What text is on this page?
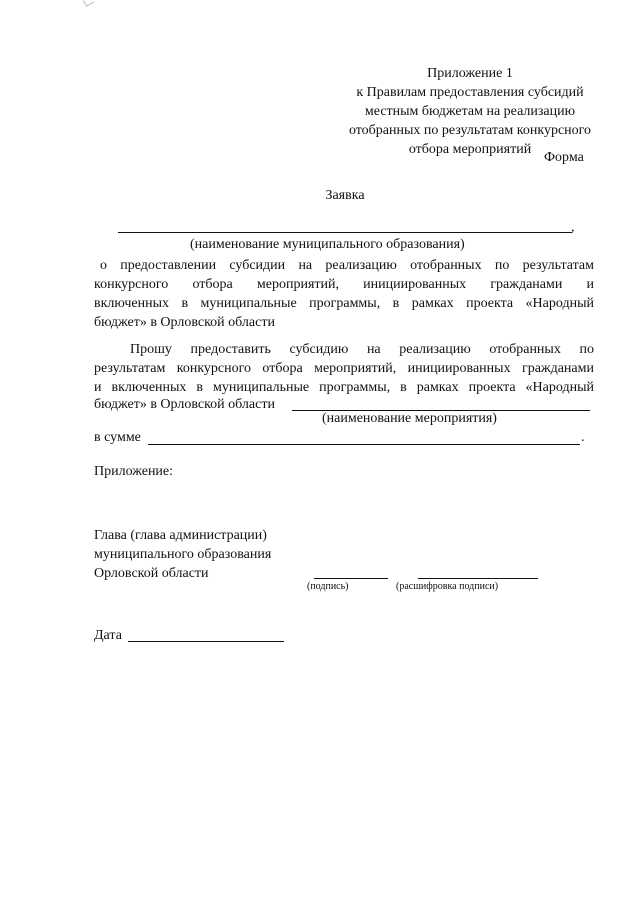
Приложение 1
к Правилам предоставления субсидий
местным бюджетам на реализацию
отобранных по результатам конкурсного
отбора мероприятий
Форма
Заявка
,
(наименование муниципального образования)
о предоставлении субсидии на реализацию отобранных по результатам
конкурсного отбора мероприятий, инициированных гражданами и
включенных в муниципальные программы, в рамках проекта «Народный
бюджет» в Орловской области
Прошу предоставить субсидию на реализацию отобранных по
результатам конкурсного отбора мероприятий, инициированных гражданами
и включенных в муниципальные программы, в рамках проекта «Народный
бюджет» в Орловской области
(наименование мероприятия)
в сумме	.
Приложение:
Глава (глава администрации)
муниципального образования
Орловской области
(подпись)	(расшифровка подписи)
Дата
